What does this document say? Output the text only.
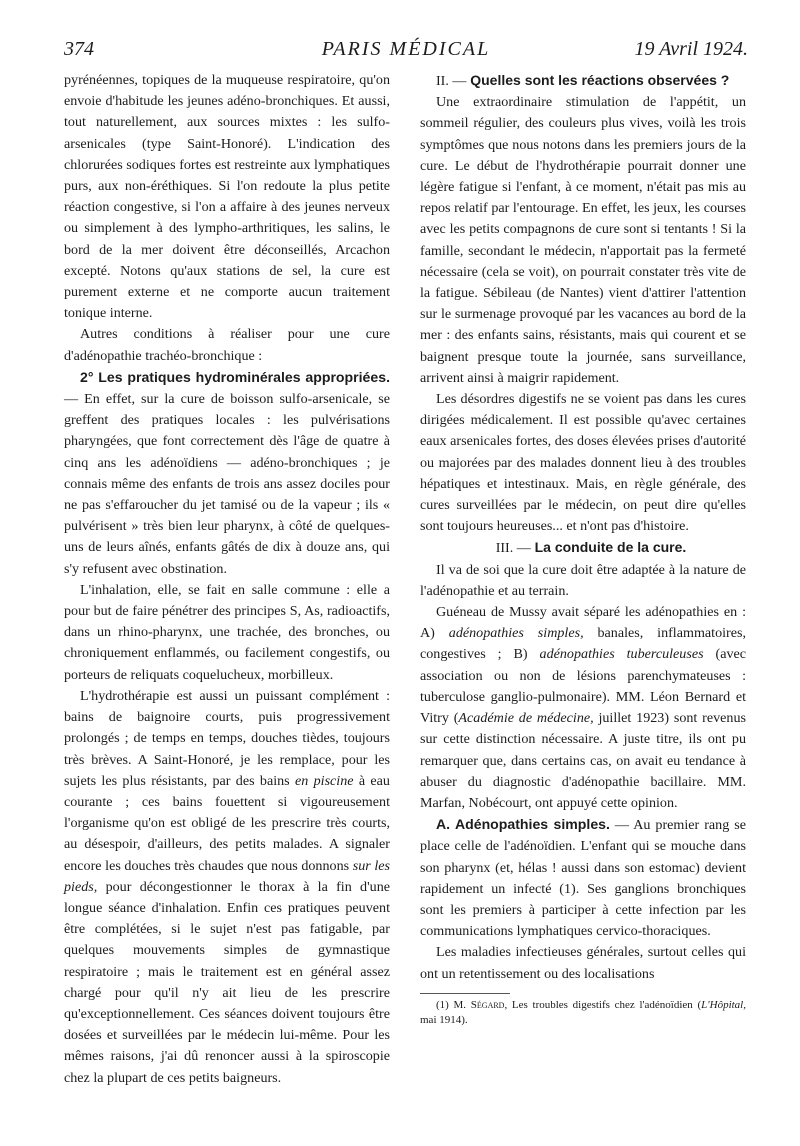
374	PARIS MÉDICAL	19 Avril 1924.

pyrénéennes, topiques de la muqueuse respiratoire, qu'on envoie d'habitude les jeunes adéno-bronchiques. Et aussi, tout naturellement, aux sources mixtes : les sulfo-arsenicales (type Saint-Honoré). L'indication des chlorurées sodiques fortes est restreinte aux lymphatiques purs, aux non-éréthiques. Si l'on redoute la plus petite réaction congestive, si l'on a affaire à des jeunes nerveux ou simplement à des lympho-arthritiques, les salins, le bord de la mer doivent être déconseillés, Arcachon excepté. Notons qu'aux stations de sel, la cure est purement externe et ne comporte aucun traitement tonique interne.

Autres conditions à réaliser pour une cure d'adénopathie trachéo-bronchique :

2° Les pratiques hydrominérales appropriées. — En effet, sur la cure de boisson sulfo-arsenicale, se greffent des pratiques locales : les pulvérisations pharyngées, que font correctement dès l'âge de quatre à cinq ans les adénoïdiens — adéno-bronchiques ; je connais même des enfants de trois ans assez dociles pour ne pas s'effaroucher du jet tamisé ou de la vapeur ; ils « pulvérisent » très bien leur pharynx, à côté de quelques-uns de leurs aînés, enfants gâtés de dix à douze ans, qui s'y refusent avec obstination.

L'inhalation, elle, se fait en salle commune : elle a pour but de faire pénétrer des principes S, As, radioactifs, dans un rhino-pharynx, une trachée, des bronches, ou chroniquement enflammés, ou facilement congestifs, ou porteurs de reliquats coquelucheux, morbilleux.

L'hydrothérapie est aussi un puissant complément : bains de baignoire courts, puis progressivement prolongés ; de temps en temps, douches tièdes, toujours très brèves. A Saint-Honoré, je les remplace, pour les sujets les plus résistants, par des bains en piscine à eau courante ; ces bains fouettent si vigoureusement l'organisme qu'on est obligé de les prescrire très courts, au désespoir, d'ailleurs, des petits malades. A signaler encore les douches très chaudes que nous donnons sur les pieds, pour décongestionner le thorax à la fin d'une longue séance d'inhalation. Enfin ces pratiques peuvent être complétées, si le sujet n'est pas fatigable, par quelques mouvements simples de gymnastique respiratoire ; mais le traitement est en général assez chargé pour qu'il n'y ait lieu de les prescrire qu'exceptionnellement. Ces séances doivent toujours être dosées et surveillées par le médecin lui-même. Pour les mêmes raisons, j'ai dû renoncer aussi à la spiroscopie chez la plupart de ces petits baigneurs.

II. — Quelles sont les réactions observées ?

Une extraordinaire stimulation de l'appétit, un sommeil régulier, des couleurs plus vives, voilà les trois symptômes que nous notons dans les premiers jours de la cure. Le début de l'hydrothérapie pourrait donner une légère fatigue si l'enfant, à ce moment, n'était pas mis au repos relatif par l'entourage. En effet, les jeux, les courses avec les petits compagnons de cure sont si tentants ! Si la famille, secondant le médecin, n'apportait pas la fermeté nécessaire (cela se voit), on pourrait constater très vite de la fatigue. Sébileau (de Nantes) vient d'attirer l'attention sur le surmenage provoqué par les vacances au bord de la mer : des enfants sains, résistants, mais qui courent et se baignent presque toute la journée, sans surveillance, arrivent ainsi à maigrir rapidement.

Les désordres digestifs ne se voient pas dans les cures dirigées médicalement. Il est possible qu'avec certaines eaux arsenicales fortes, des doses élevées prises d'autorité ou majorées par des malades donnent lieu à des troubles hépatiques et intestinaux. Mais, en règle générale, des cures surveillées par le médecin, on peut dire qu'elles sont toujours heureuses... et n'ont pas d'histoire.

III. — La conduite de la cure.

Il va de soi que la cure doit être adaptée à la nature de l'adénopathie et au terrain.

Guéneau de Mussy avait séparé les adénopathies en : A) adénopathies simples, banales, inflammatoires, congestives ; B) adénopathies tuberculeuses (avec association ou non de lésions parenchymateuses : tuberculose ganglio-pulmonaire). MM. Léon Bernard et Vitry (Académie de médecine, juillet 1923) sont revenus sur cette distinction nécessaire. A juste titre, ils ont pu remarquer que, dans certains cas, on avait eu tendance à abuser du diagnostic d'adénopathie bacillaire. MM. Marfan, Nobécourt, ont appuyé cette opinion.

A. Adénopathies simples. — Au premier rang se place celle de l'adénoïdien. L'enfant qui se mouche dans son pharynx (et, hélas ! aussi dans son estomac) devient rapidement un infecté (1). Ses ganglions bronchiques sont les premiers à participer à cette infection par les communications lymphatiques cervico-thoraciques.

Les maladies infectieuses générales, surtout celles qui ont un retentissement ou des localisations

(1) M. Ségard, Les troubles digestifs chez l'adénoïdien (L'Hôpital, mai 1914).
